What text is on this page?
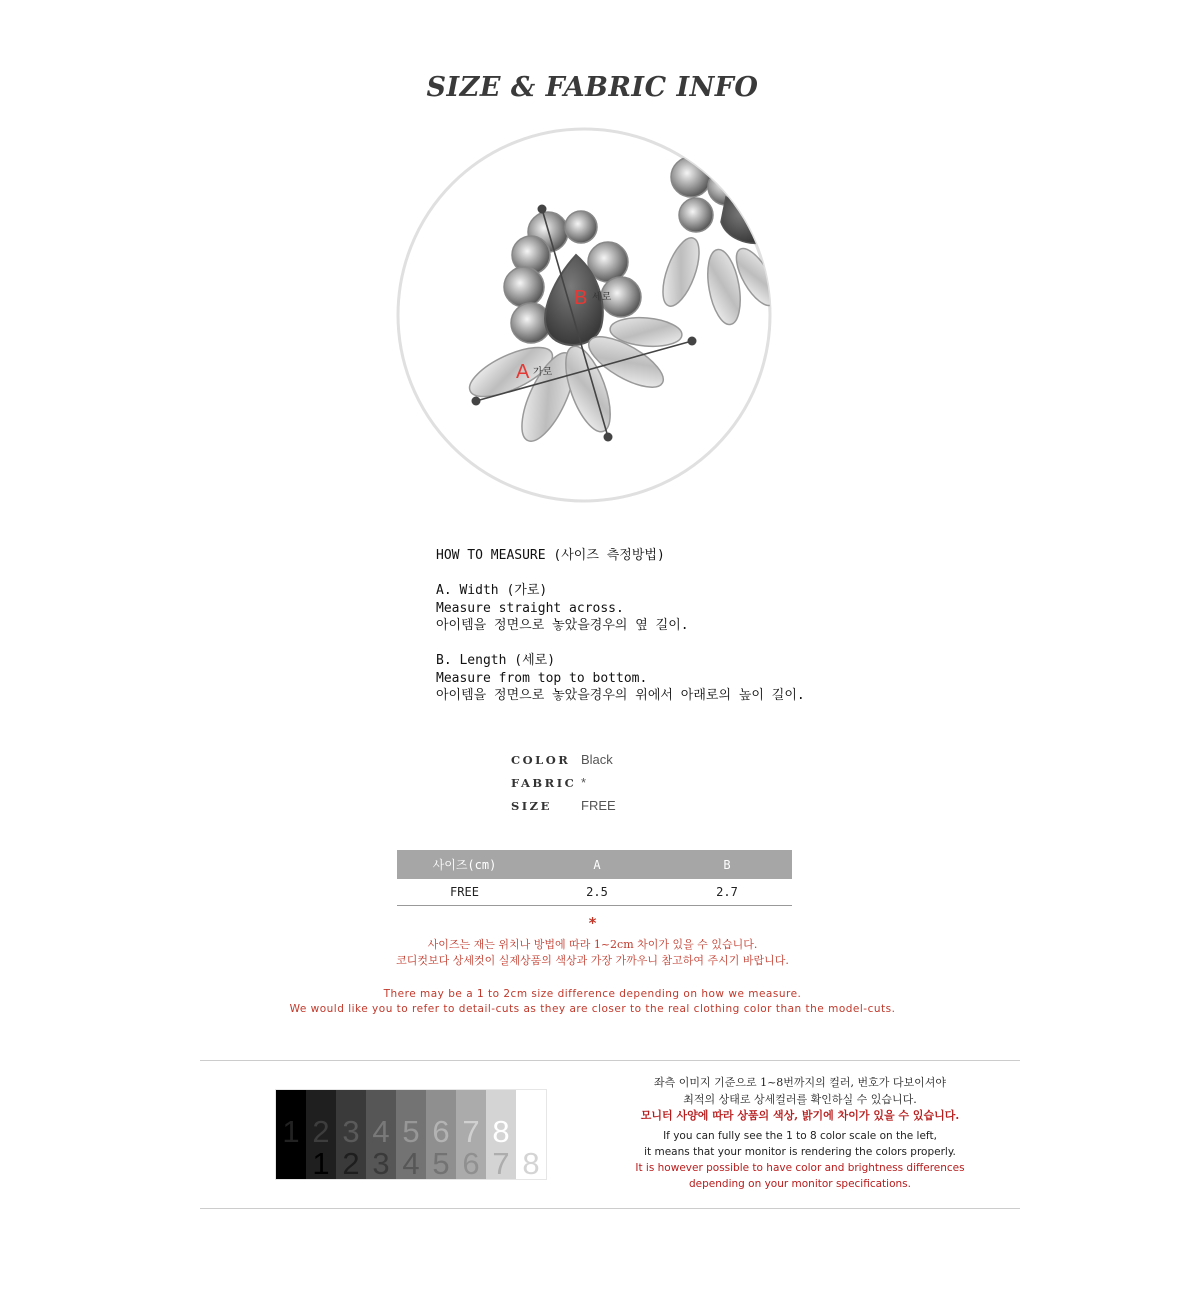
SIZE & FABRIC INFO
B 세로
A 가로
HOW TO MEASURE (사이즈 측정방법)
A. Width (가로)
Measure straight across.
아이템을 정면으로 놓았을경우의 옆 길이.
B. Length (세로)
Measure from top to bottom.
아이템을 정면으로 놓았을경우의 위에서 아래로의 높이 길이.
COLOR Black
FABRIC *
SIZE	FREE
사이즈(cm)	A	B
FREE	2.5	2.7
*
사이즈는 재는 위치나 방법에 따라 1~2cm 차이가 있을 수 있습니다.
코디컷보다 상세컷이 실제상품의 색상과 가장 가까우니 참고하여 주시기 바랍니다.
There may be a 1 to 2cm size difference depending on how we measure.
We would like you to refer to detail-cuts as they are closer to the real clothing color than the model-cuts.
1 2
1
3
2
4
3
5
4
6
5
7
6
8
7 8
좌측 이미지 기준으로 1~8번까지의 컬러, 번호가 다보이셔야
최적의 상태로 상세컬러를 확인하실 수 있습니다.
모니터 사양에 따라 상품의 색상, 밝기에 차이가 있을 수 있습니다.
If you can fully see the 1 to 8 color scale on the left,
it means that your monitor is rendering the colors properly.
It is however possible to have color and brightness differences
depending on your monitor specifications.
